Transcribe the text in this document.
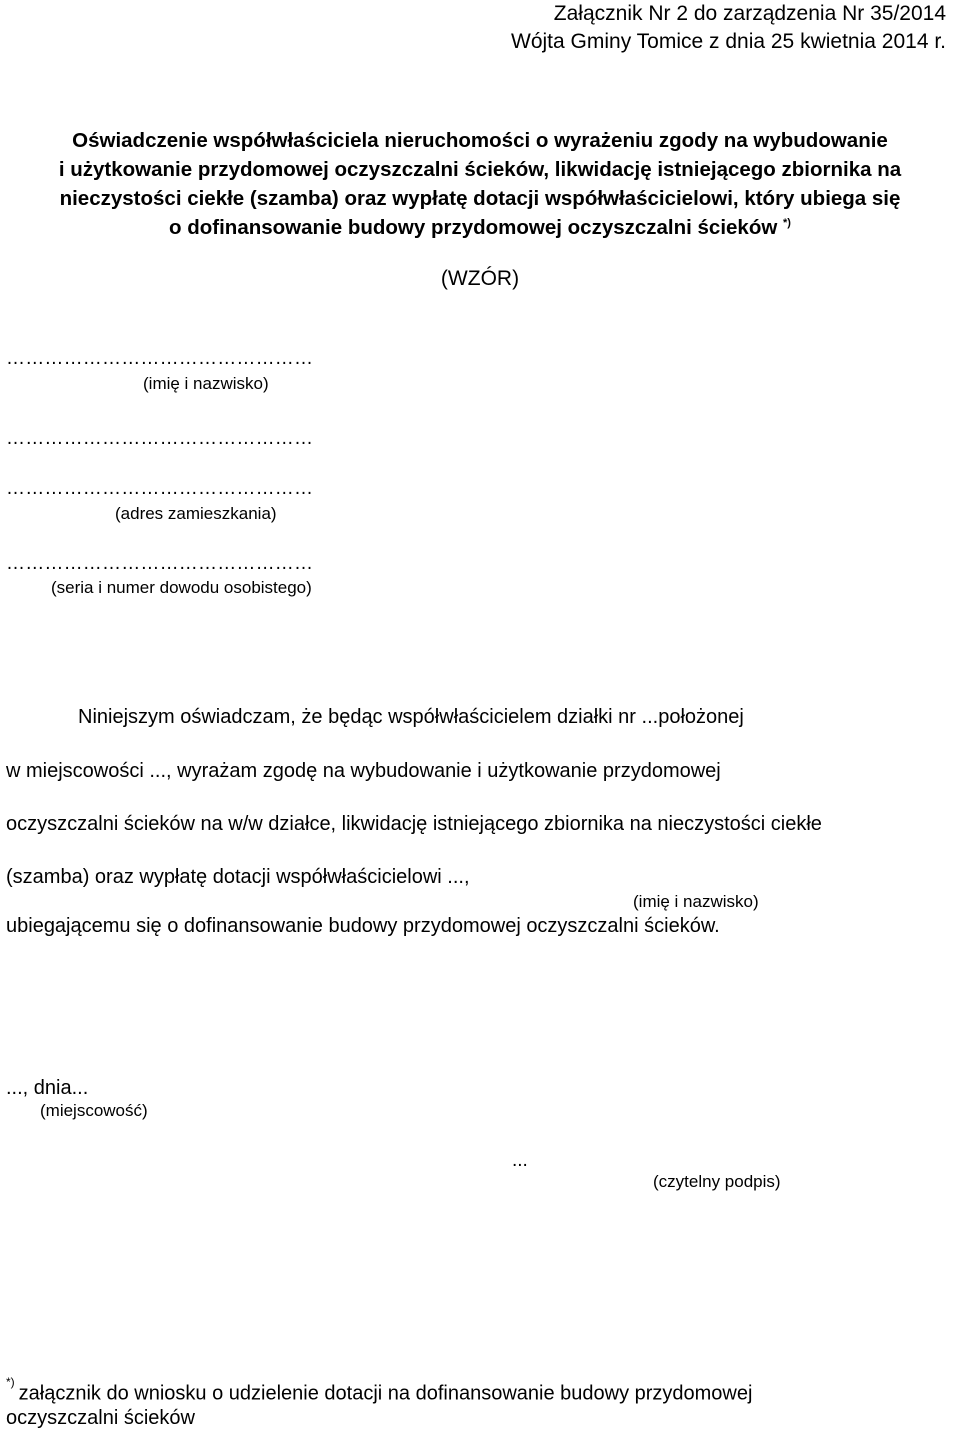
Załącznik Nr 2 do zarządzenia Nr 35/2014
Wójta Gminy Tomice z dnia 25 kwietnia 2014 r.
Oświadczenie współwłaściciela nieruchomości o wyrażeniu zgody na wybudowanie
i użytkowanie przydomowej oczyszczalni ścieków, likwidację istniejącego zbiornika na
nieczystości ciekłe (szamba) oraz wypłatę dotacji współwłaścicielowi, który ubiega się
o dofinansowanie budowy przydomowej oczyszczalni ścieków *)
(WZÓR)
…………………………………………
(imię i nazwisko)
…………………………………………
…………………………………………
(adres zamieszkania)
…………………………………………
(seria i numer dowodu osobistego)
Niniejszym oświadczam, że będąc współwłaścicielem działki nr ...położonej
w miejscowości ..., wyrażam zgodę na wybudowanie i użytkowanie przydomowej
oczyszczalni ścieków na w/w działce, likwidację istniejącego zbiornika na nieczystości ciekłe
(szamba) oraz wypłatę dotacji współwłaścicielowi ...,
(imię i nazwisko)
ubiegającemu się o dofinansowanie budowy przydomowej oczyszczalni ścieków.
..., dnia...
(miejscowość)
...
(czytelny podpis)
*)załącznik do wniosku o udzielenie dotacji na dofinansowanie budowy przydomowej
oczyszczalni ścieków
